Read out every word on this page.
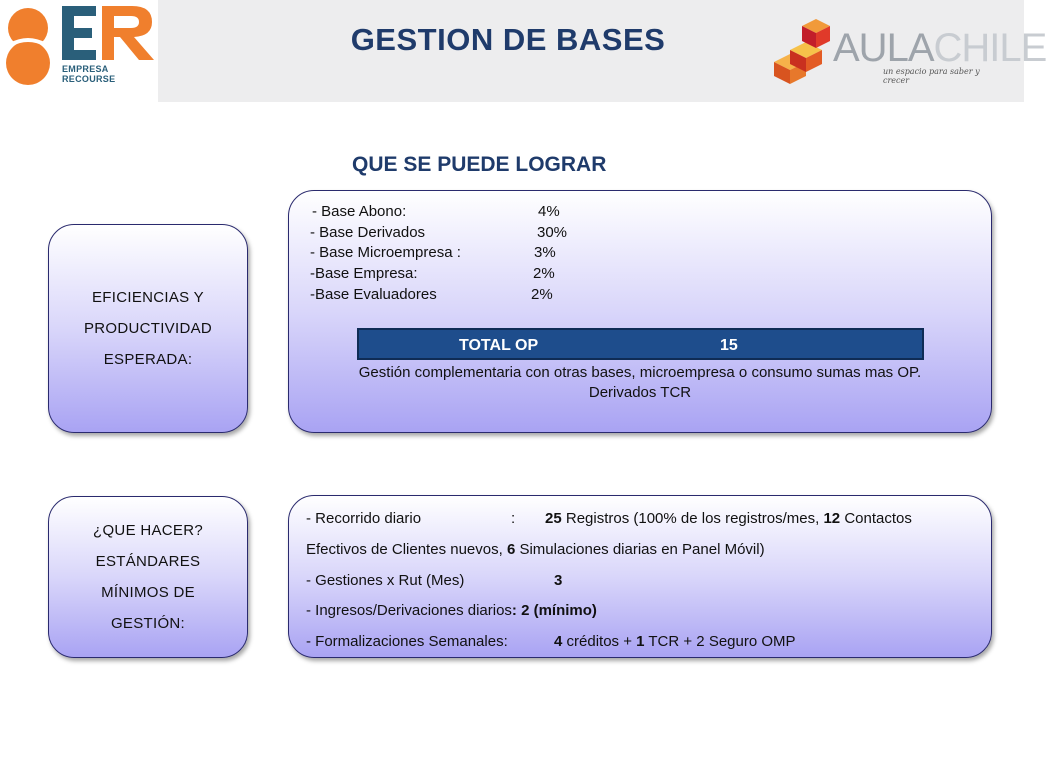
EMPRESA RECOURSE
GESTION DE BASES	AULACHILE
un espacio para saber y crecer
QUE SE PUEDE LOGRAR
EFICIENCIAS Y
PRODUCTIVIDAD
ESPERADA:
- Base Abono:	4%
- Base Derivados	30%
- Base Microempresa :	3%
-Base Empresa:	2%
-Base Evaluadores	2%
TOTAL OP	15
Gestión complementaria con otras bases, microempresa o consumo sumas mas OP.
Derivados TCR
¿QUE HACER?
ESTÁNDARES
MÍNIMOS DE
GESTIÓN:
- Recorrido diario	: 25 Registros (100% de los registros/mes, 12 Contactos
Efectivos de Clientes nuevos, 6 Simulaciones diarias en Panel Móvil)
- Gestiones x Rut (Mes)	3
- Ingresos/Derivaciones diarios: 2 (mínimo)
- Formalizaciones Semanales:	4 créditos + 1 TCR + 2 Seguro OMP
